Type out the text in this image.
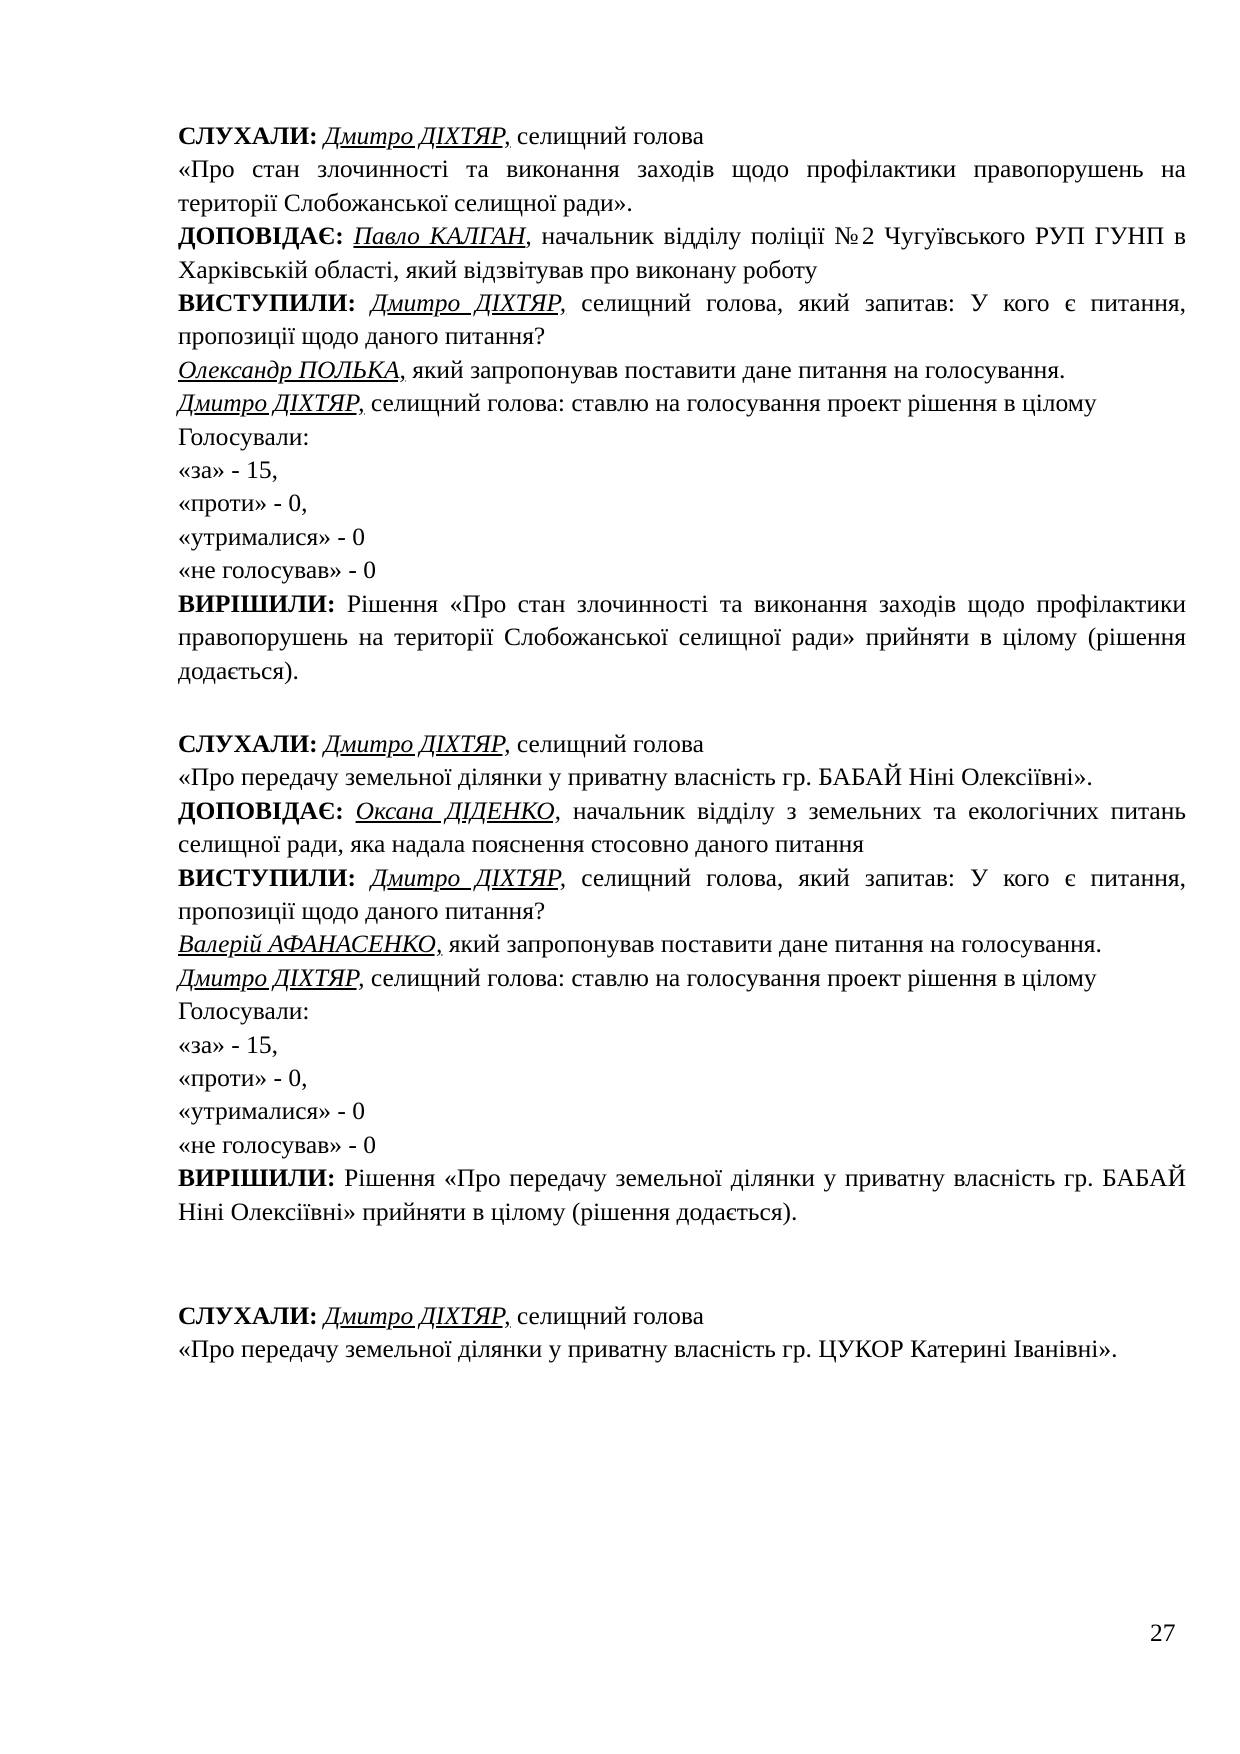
СЛУХАЛИ: Дмитро ДІХТЯР, селищний голова

«Про стан злочинності та виконання заходів щодо профілактики правопорушень на території Слобожанської селищної ради».

ДОПОВІДАЄ: Павло КАЛГАН, начальник відділу поліції №2 Чугуївського РУП ГУНП в Харківській області, який відзвітував про виконану роботу

ВИСТУПИЛИ: Дмитро ДІХТЯР, селищний голова, який запитав: У кого є питання, пропозиції щодо даного питання?

Олександр ПОЛЬКА, який запропонував поставити дане питання на голосування.

Дмитро ДІХТЯР, селищний голова: ставлю на голосування проект рішення в цілому

Голосували:

«за» - 15,

«проти» - 0,

«утрималися» - 0

«не голосував» - 0

ВИРІШИЛИ: Рішення «Про стан злочинності та виконання заходів щодо профілактики правопорушень на території Слобожанської селищної ради» прийняти в цілому (рішення додається).

СЛУХАЛИ: Дмитро ДІХТЯР, селищний голова

«Про передачу земельної ділянки у приватну власність гр. БАБАЙ Ніні Олексіївні».

ДОПОВІДАЄ: Оксана ДІДЕНКО, начальник відділу з земельних та екологічних питань селищної ради, яка надала пояснення стосовно даного питання

ВИСТУПИЛИ: Дмитро ДІХТЯР, селищний голова, який запитав: У кого є питання, пропозиції щодо даного питання?

Валерій АФАНАСЕНКО, який запропонував поставити дане питання на голосування.

Дмитро ДІХТЯР, селищний голова: ставлю на голосування проект рішення в цілому

Голосували:

«за» - 15,

«проти» - 0,

«утрималися» - 0

«не голосував» - 0

ВИРІШИЛИ: Рішення «Про передачу земельної ділянки у приватну власність гр. БАБАЙ Ніні Олексіївні» прийняти в цілому (рішення додається).

СЛУХАЛИ: Дмитро ДІХТЯР, селищний голова

«Про передачу земельної ділянки у приватну власність гр. ЦУКОР Катерині Іванівні».

27
